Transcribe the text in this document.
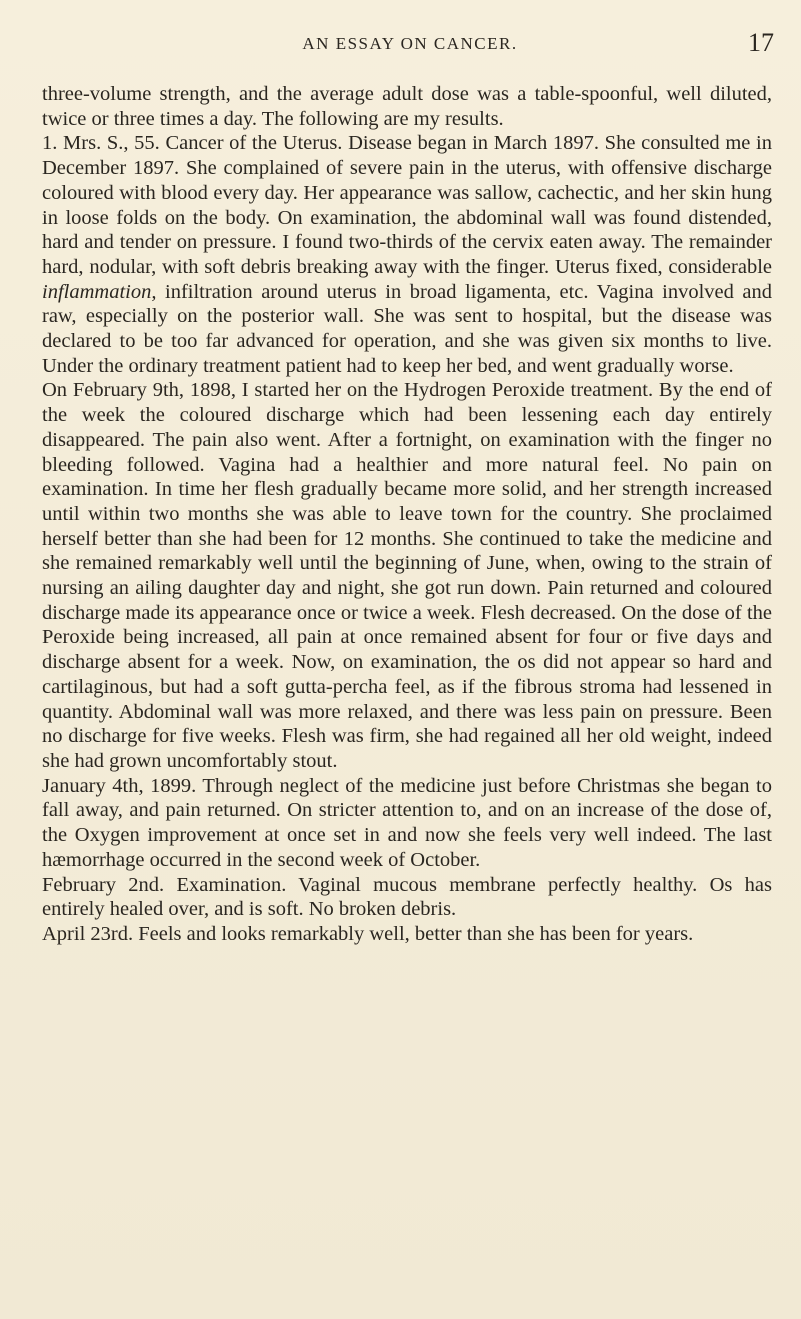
AN ESSAY ON CANCER.	17

three-volume strength, and the average adult dose was a table-spoonful, well diluted, twice or three times a day. The following are my results.

1. Mrs. S., 55. Cancer of the Uterus. Disease began in March 1897. She consulted me in December 1897. She complained of severe pain in the uterus, with offensive discharge coloured with blood every day. Her appearance was sallow, cachectic, and her skin hung in loose folds on the body. On examination, the abdominal wall was found distended, hard and tender on pressure. I found two-thirds of the cervix eaten away. The remainder hard, nodular, with soft debris breaking away with the finger. Uterus fixed, considerable inflammation, infiltration around uterus in broad ligamenta, etc. Vagina involved and raw, especially on the posterior wall. She was sent to hospital, but the disease was declared to be too far advanced for operation, and she was given six months to live. Under the ordinary treatment patient had to keep her bed, and went gradually worse.

On February 9th, 1898, I started her on the Hydrogen Peroxide treatment. By the end of the week the coloured discharge which had been lessening each day entirely disappeared. The pain also went. After a fortnight, on examination with the finger no bleeding followed. Vagina had a healthier and more natural feel. No pain on examination. In time her flesh gradually became more solid, and her strength increased until within two months she was able to leave town for the country. She proclaimed herself better than she had been for 12 months. She continued to take the medicine and she remained remarkably well until the beginning of June, when, owing to the strain of nursing an ailing daughter day and night, she got run down. Pain returned and coloured discharge made its appearance once or twice a week. Flesh decreased. On the dose of the Peroxide being increased, all pain at once remained absent for four or five days and discharge absent for a week. Now, on examination, the os did not appear so hard and cartilaginous, but had a soft gutta-percha feel, as if the fibrous stroma had lessened in quantity. Abdominal wall was more relaxed, and there was less pain on pressure. Been no discharge for five weeks. Flesh was firm, she had regained all her old weight, indeed she had grown uncomfortably stout.

January 4th, 1899. Through neglect of the medicine just before Christmas she began to fall away, and pain returned. On stricter attention to, and on an increase of the dose of, the Oxygen improvement at once set in and now she feels very well indeed. The last hæmorrhage occurred in the second week of October.

February 2nd. Examination. Vaginal mucous membrane perfectly healthy. Os has entirely healed over, and is soft. No broken debris.

April 23rd. Feels and looks remarkably well, better than she has been for years.
